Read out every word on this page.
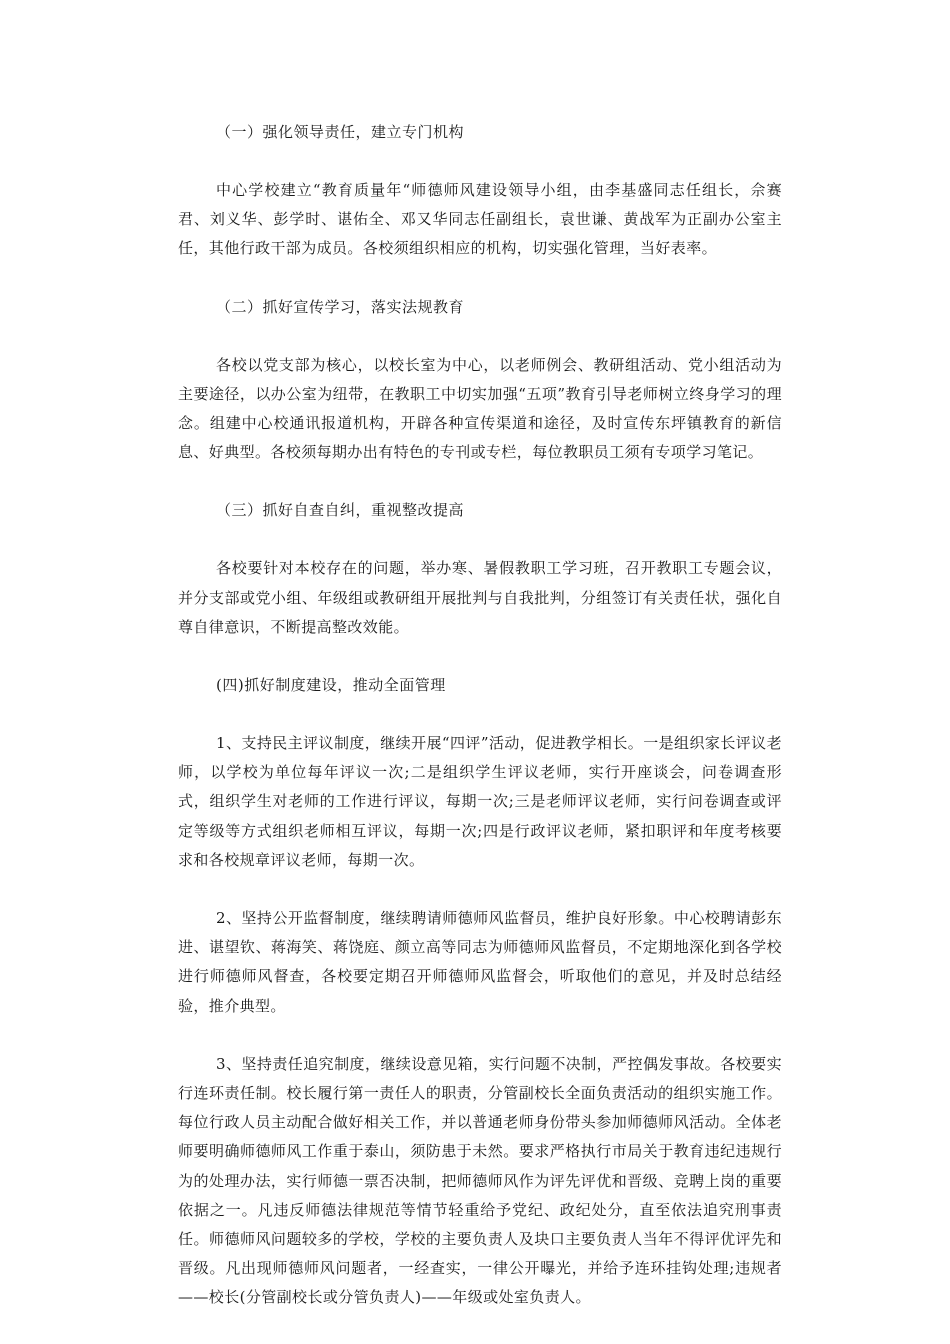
（一）强化领导责任，建立专门机构

中心学校建立“教育质量年“师德师风建设领导小组，由李基盛同志任组长，佘赛君、刘义华、彭学时、谌佑全、邓又华同志任副组长，袁世谦、黄战军为正副办公室主任，其他行政干部为成员。各校须组织相应的机构，切实强化管理，当好表率。

（二）抓好宣传学习，落实法规教育

各校以党支部为核心，以校长室为中心，以老师例会、教研组活动、党小组活动为主要途径，以办公室为纽带，在教职工中切实加强“五项”教育引导老师树立终身学习的理念。组建中心校通讯报道机构，开辟各种宣传渠道和途径，及时宣传东坪镇教育的新信息、好典型。各校须每期办出有特色的专刊或专栏，每位教职员工须有专项学习笔记。

（三）抓好自查自纠，重视整改提高

各校要针对本校存在的问题，举办寒、暑假教职工学习班，召开教职工专题会议，并分支部或党小组、年级组或教研组开展批判与自我批判，分组签订有关责任状，强化自尊自律意识，不断提高整改效能。

(四)抓好制度建设，推动全面管理

1、支持民主评议制度，继续开展“四评”活动，促进教学相长。一是组织家长评议老师，以学校为单位每年评议一次;二是组织学生评议老师，实行开座谈会，问卷调查形式，组织学生对老师的工作进行评议，每期一次;三是老师评议老师，实行问卷调查或评定等级等方式组织老师相互评议，每期一次;四是行政评议老师，紧扣职评和年度考核要求和各校规章评议老师，每期一次。

2、坚持公开监督制度，继续聘请师德师风监督员，维护良好形象。中心校聘请彭东进、谌望钦、蒋海笑、蒋饶庭、颜立高等同志为师德师风监督员，不定期地深化到各学校进行师德师风督查，各校要定期召开师德师风监督会，听取他们的意见，并及时总结经验，推介典型。

3、坚持责任追究制度，继续设意见箱，实行问题不决制，严控偶发事故。各校要实行连环责任制。校长履行第一责任人的职责，分管副校长全面负责活动的组织实施工作。每位行政人员主动配合做好相关工作，并以普通老师身份带头参加师德师风活动。全体老师要明确师德师风工作重于泰山，须防患于未然。要求严格执行市局关于教育违纪违规行为的处理办法，实行师德一票否决制，把师德师风作为评先评优和晋级、竞聘上岗的重要依据之一。凡违反师德法律规范等情节轻重给予党纪、政纪处分，直至依法追究刑事责任。师德师风问题较多的学校，学校的主要负责人及块口主要负责人当年不得评优评先和晋级。凡出现师德师风问题者，一经查实，一律公开曝光，并给予连环挂钩处理;违规者——校长(分管副校长或分管负责人)——年级或处室负责人。
